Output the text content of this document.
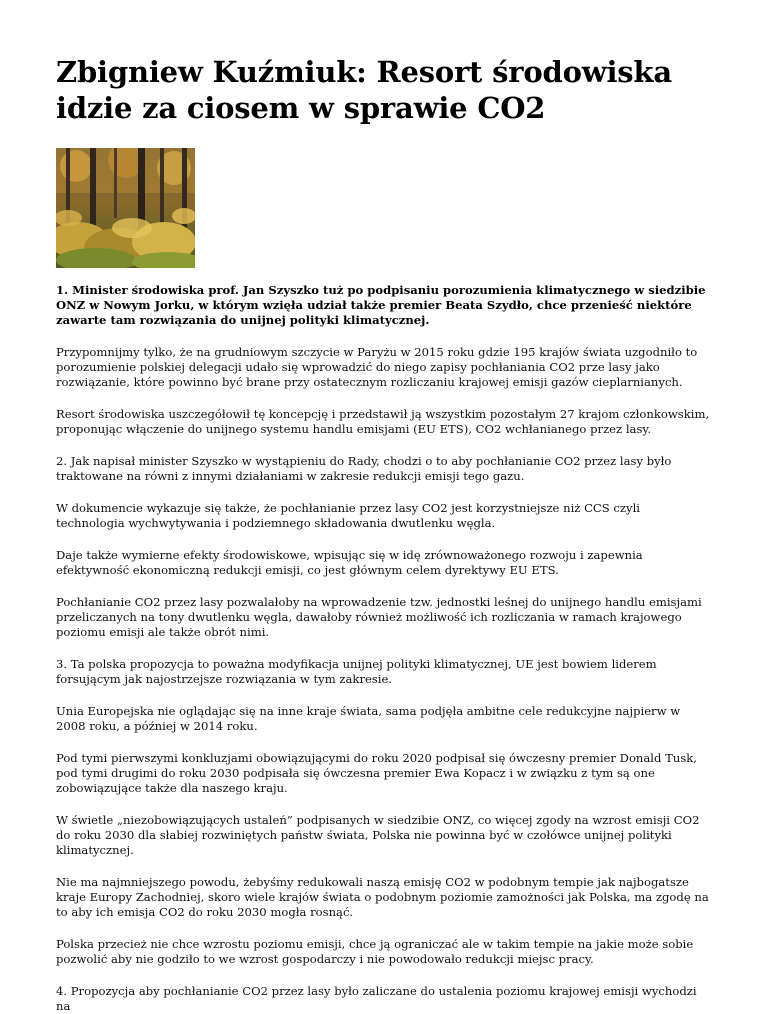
Zbigniew Kuźmiuk: Resort środowiska idzie za ciosem w sprawie CO2

1. Minister środowiska prof. Jan Szyszko tuż po podpisaniu porozumienia klimatycznego w siedzibie ONZ w Nowym Jorku, w którym wzięła udział także premier Beata Szydło, chce przenieść niektóre zawarte tam rozwiązania do unijnej polityki klimatycznej.

Przypomnijmy tylko, że na grudniowym szczycie w Paryżu w 2015 roku gdzie 195 krajów świata uzgodniło to porozumienie polskiej delegacji udało się wprowadzić do niego zapisy pochłaniania CO2 prze lasy jako rozwiązanie, które powinno być brane przy ostatecznym rozliczaniu krajowej emisji gazów cieplarnianych.

Resort środowiska uszczegółowił tę koncepcję i przedstawił ją wszystkim pozostałym 27 krajom członkowskim, proponując włączenie do unijnego systemu handlu emisjami (EU ETS), CO2 wchłanianego przez lasy.

2. Jak napisał minister Szyszko w wystąpieniu do Rady, chodzi o to aby pochłanianie CO2 przez lasy było traktowane na równi z innymi działaniami w zakresie redukcji emisji tego gazu.

W dokumencie wykazuje się także, że pochłanianie przez lasy CO2 jest korzystniejsze niż CCS czyli technologia wychwytywania i podziemnego składowania dwutlenku węgla.

Daje także wymierne efekty środowiskowe, wpisując się w idę zrównoważonego rozwoju i zapewnia efektywność ekonomiczną redukcji emisji, co jest głównym celem dyrektywy EU ETS.

Pochłanianie CO2 przez lasy pozwalałoby na wprowadzenie tzw. jednostki leśnej do unijnego handlu emisjami przeliczanych na tony dwutlenku węgla, dawałoby również możliwość ich rozliczania w ramach krajowego poziomu emisji ale także obrót nimi.

3. Ta polska propozycja to poważna modyfikacja unijnej polityki klimatycznej, UE jest bowiem liderem forsującym jak najostrzejsze rozwiązania w tym zakresie.

Unia Europejska nie oglądając się na inne kraje świata, sama podjęła ambitne cele redukcyjne najpierw w 2008 roku, a później w 2014 roku.

Pod tymi pierwszymi konkluzjami obowiązującymi do roku 2020 podpisał się ówczesny premier Donald Tusk, pod tymi drugimi do roku 2030 podpisała się ówczesna premier Ewa Kopacz i w związku z tym są one zobowiązujące także dla naszego kraju.

W świetle „niezobowiązujących ustaleń” podpisanych w siedzibie ONZ, co więcej zgody na wzrost emisji CO2 do roku 2030 dla słabiej rozwiniętych państw świata, Polska nie powinna być w czołówce unijnej polityki klimatycznej.

Nie ma najmniejszego powodu, żebyśmy redukowali naszą emisję CO2 w podobnym tempie jak najbogatsze kraje Europy Zachodniej, skoro wiele krajów świata o podobnym poziomie zamożności jak Polska, ma zgodę na to aby ich emisja CO2 do roku 2030 mogła rosnąć.

Polska przecież nie chce wzrostu poziomu emisji, chce ją ograniczać ale w takim tempie na jakie może sobie pozwolić aby nie godziło to we wzrost gospodarczy i nie powodowało redukcji miejsc pracy.

4. Propozycja aby pochłanianie CO2 przez lasy było zaliczane do ustalenia poziomu krajowej emisji wychodzi na
